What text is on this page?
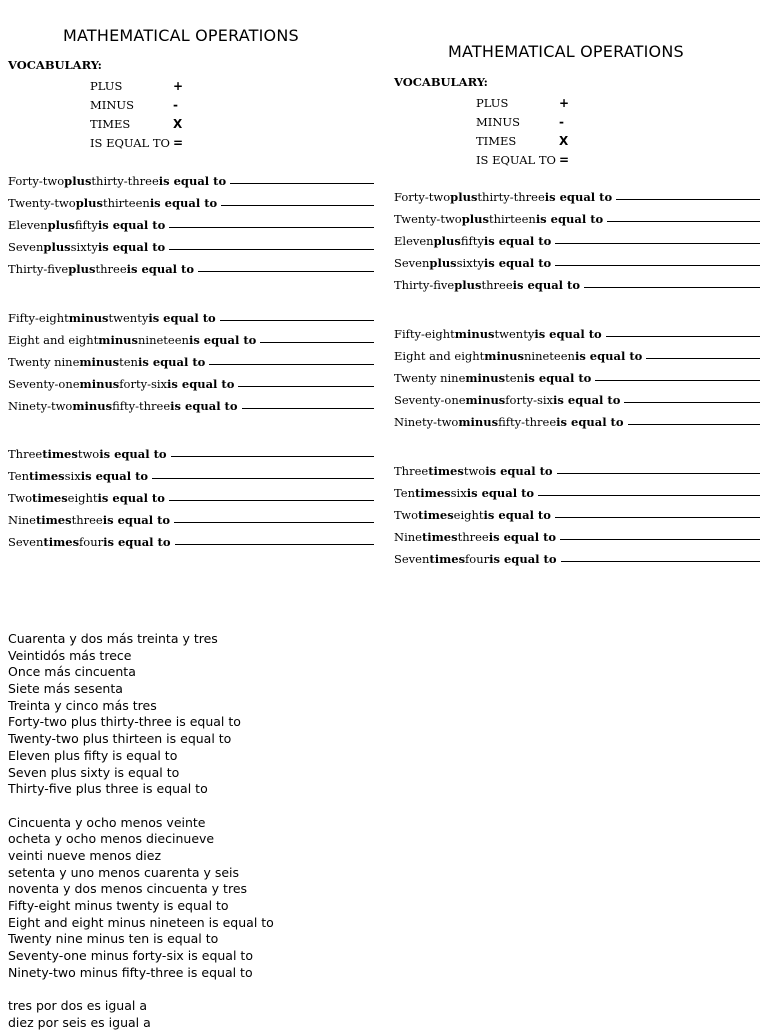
MATHEMATICAL OPERATIONS
VOCABULARY:
PLUS	+
MINUS	-
TIMES	X
IS EQUAL TO =
Forty-two plus thirty-three is equal to
Twenty-two plus thirteen is equal to
Eleven plus fifty is equal to
Seven plus sixty is equal to
Thirty-five plus three is equal to
Fifty-eight minus twenty is equal to
Eight and eight minus nineteen is equal to
Twenty nine minus ten is equal to
Seventy-one minus forty-six is equal to
Ninety-two minus fifty-three is equal to
Three times two is equal to
Ten times six is equal to
Two times eight is equal to
Nine times three is equal to
Seven times four is equal to
MATHEMATICAL OPERATIONS
VOCABULARY:
PLUS	+
MINUS	-
TIMES	X
IS EQUAL TO =
Forty-two plus thirty-three is equal to
Twenty-two plus thirteen is equal to
Eleven plus fifty is equal to
Seven plus sixty is equal to
Thirty-five plus three is equal to
Fifty-eight minus twenty is equal to
Eight and eight minus nineteen is equal to
Twenty nine minus ten is equal to
Seventy-one minus forty-six is equal to
Ninety-two minus fifty-three is equal to
Three times two is equal to
Ten times six is equal to
Two times eight is equal to
Nine times three is equal to
Seven times four is equal to
Cuarenta y dos más treinta y tres
Veintidós más trece
Once más cincuenta
Siete más sesenta
Treinta y cinco más tres
Forty-two plus thirty-three is equal to
Twenty-two plus thirteen is equal to
Eleven plus fifty is equal to
Seven plus sixty is equal to
Thirty-five plus three is equal to
Cincuenta y ocho menos veinte
ocheta y ocho menos diecinueve
veinti nueve menos diez
setenta y uno menos cuarenta y seis
noventa y dos menos cincuenta y tres
Fifty-eight minus twenty is equal to
Eight and eight minus nineteen is equal to
Twenty nine minus ten is equal to
Seventy-one minus forty-six is equal to
Ninety-two minus fifty-three is equal to
tres por dos es igual a
diez por seis es igual a
